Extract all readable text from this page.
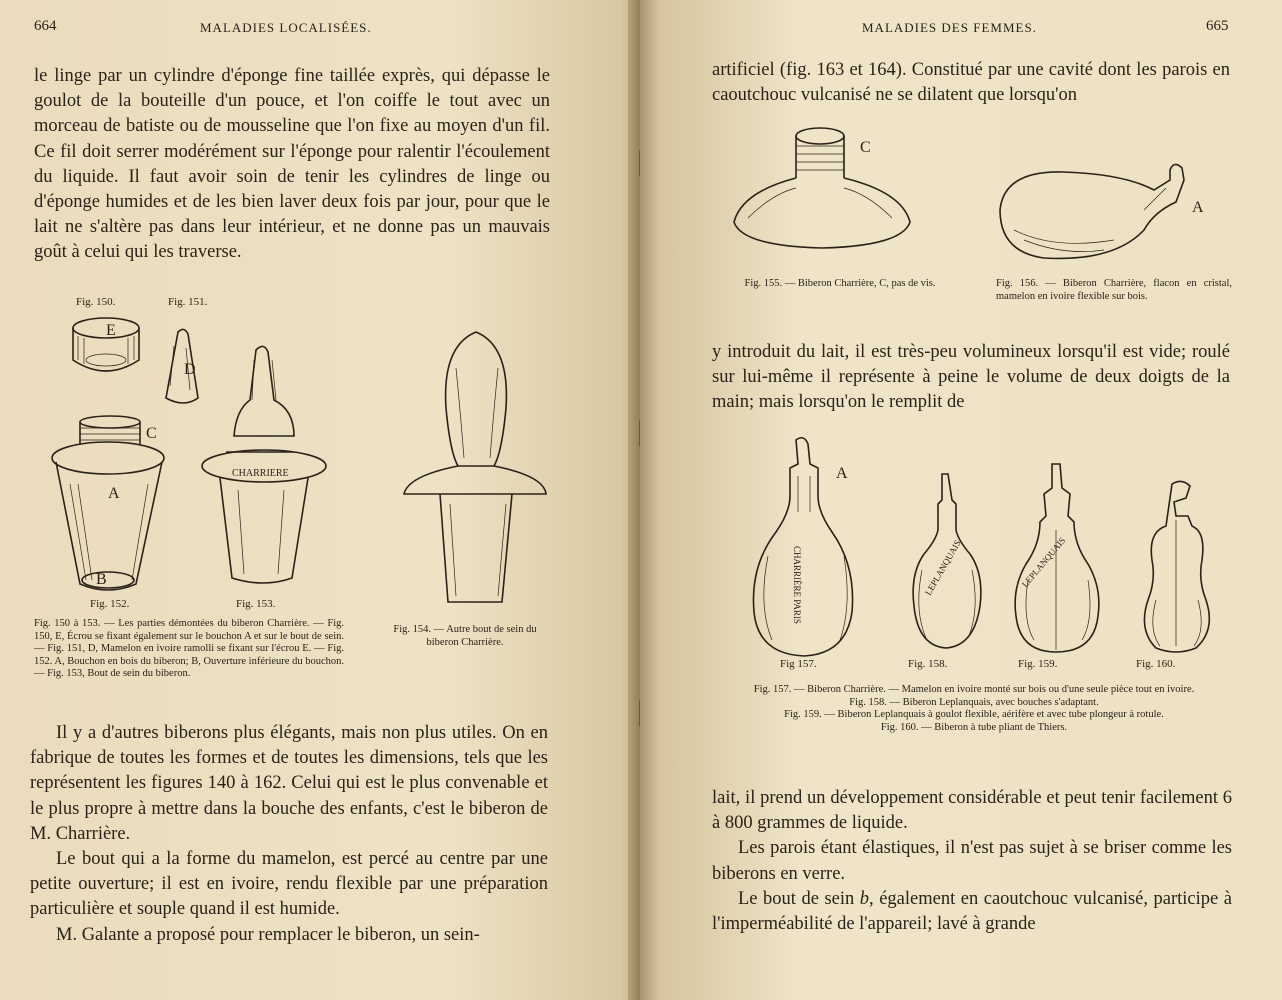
664	MALADIES LOCALISÉES.

le linge par un cylindre d'éponge fine taillée exprès, qui dépasse le goulot de la bouteille d'un pouce, et l'on coiffe le tout avec un morceau de batiste ou de mousseline que l'on fixe au moyen d'un fil. Ce fil doit serrer modérément sur l'éponge pour ralentir l'écoulement du liquide. Il faut avoir soin de tenir les cylindres de linge ou d'éponge humides et de les bien laver deux fois par jour, pour que le lait ne s'altère pas dans leur intérieur, et ne donne pas un mauvais goût à celui qui les traverse.

Fig. 150.	Fig. 151.
E
D
C
A
B
CHARRIERE
Fig. 152.	Fig. 153.
Fig. 150 à 153. — Les parties démontées du biberon Charrière. — Fig. 150, E, Écrou se fixant également sur le bouchon A et sur le bout de sein. — Fig. 151, D, Mamelon en ivoire ramolli se fixant sur l'écrou E. — Fig. 152. A, Bouchon en bois du biberon; B, Ouverture inférieure du bouchon. — Fig. 153, Bout de sein du biberon.
Fig. 154. — Autre bout de sein du biberon Charrière.

Il y a d'autres biberons plus élégants, mais non plus utiles. On en fabrique de toutes les formes et de toutes les dimensions, tels que les représentent les figures 140 à 162. Celui qui est le plus convenable et le plus propre à mettre dans la bouche des enfants, c'est le biberon de M. Charrière.

Le bout qui a la forme du mamelon, est percé au centre par une petite ouverture; il est en ivoire, rendu flexible par une préparation particulière et souple quand il est humide.

M. Galante a proposé pour remplacer le biberon, un sein-

MALADIES DES FEMMES.	665

artificiel (fig. 163 et 164). Constitué par une cavité dont les parois en caoutchouc vulcanisé ne se dilatent que lorsqu'on

C
A
Fig. 155. — Biberon Charrière, C, pas de vis.	Fig. 156. — Biberon Charrière, flacon en cristal, mamelon en ivoire flexible sur bois.

y introduit du lait, il est très-peu volumineux lorsqu'il est vide; roulé sur lui-même il représente à peine le volume de deux doigts de la main; mais lorsqu'on le remplit de

A
CHARRIÈRE PARIS	LEPLANQUAIS	LEPLANQUAIS
Fig 157.	Fig. 158.	Fig. 159.	Fig. 160.
Fig. 157. — Biberon Charrière. — Mamelon en ivoire monté sur bois ou d'une seule pièce tout en ivoire.
Fig. 158. — Biberon Leplanquais, avec bouches s'adaptant.
Fig. 159. — Biberon Leplanquais à goulot flexible, aérifère et avec tube plongeur à rotule.
Fig. 160. — Biberon à tube pliant de Thiers.

lait, il prend un développement considérable et peut tenir facilement 6 à 800 grammes de liquide.

Les parois étant élastiques, il n'est pas sujet à se briser comme les biberons en verre.

Le bout de sein b, également en caoutchouc vulcanisé, participe à l'imperméabilité de l'appareil; lavé à grande
